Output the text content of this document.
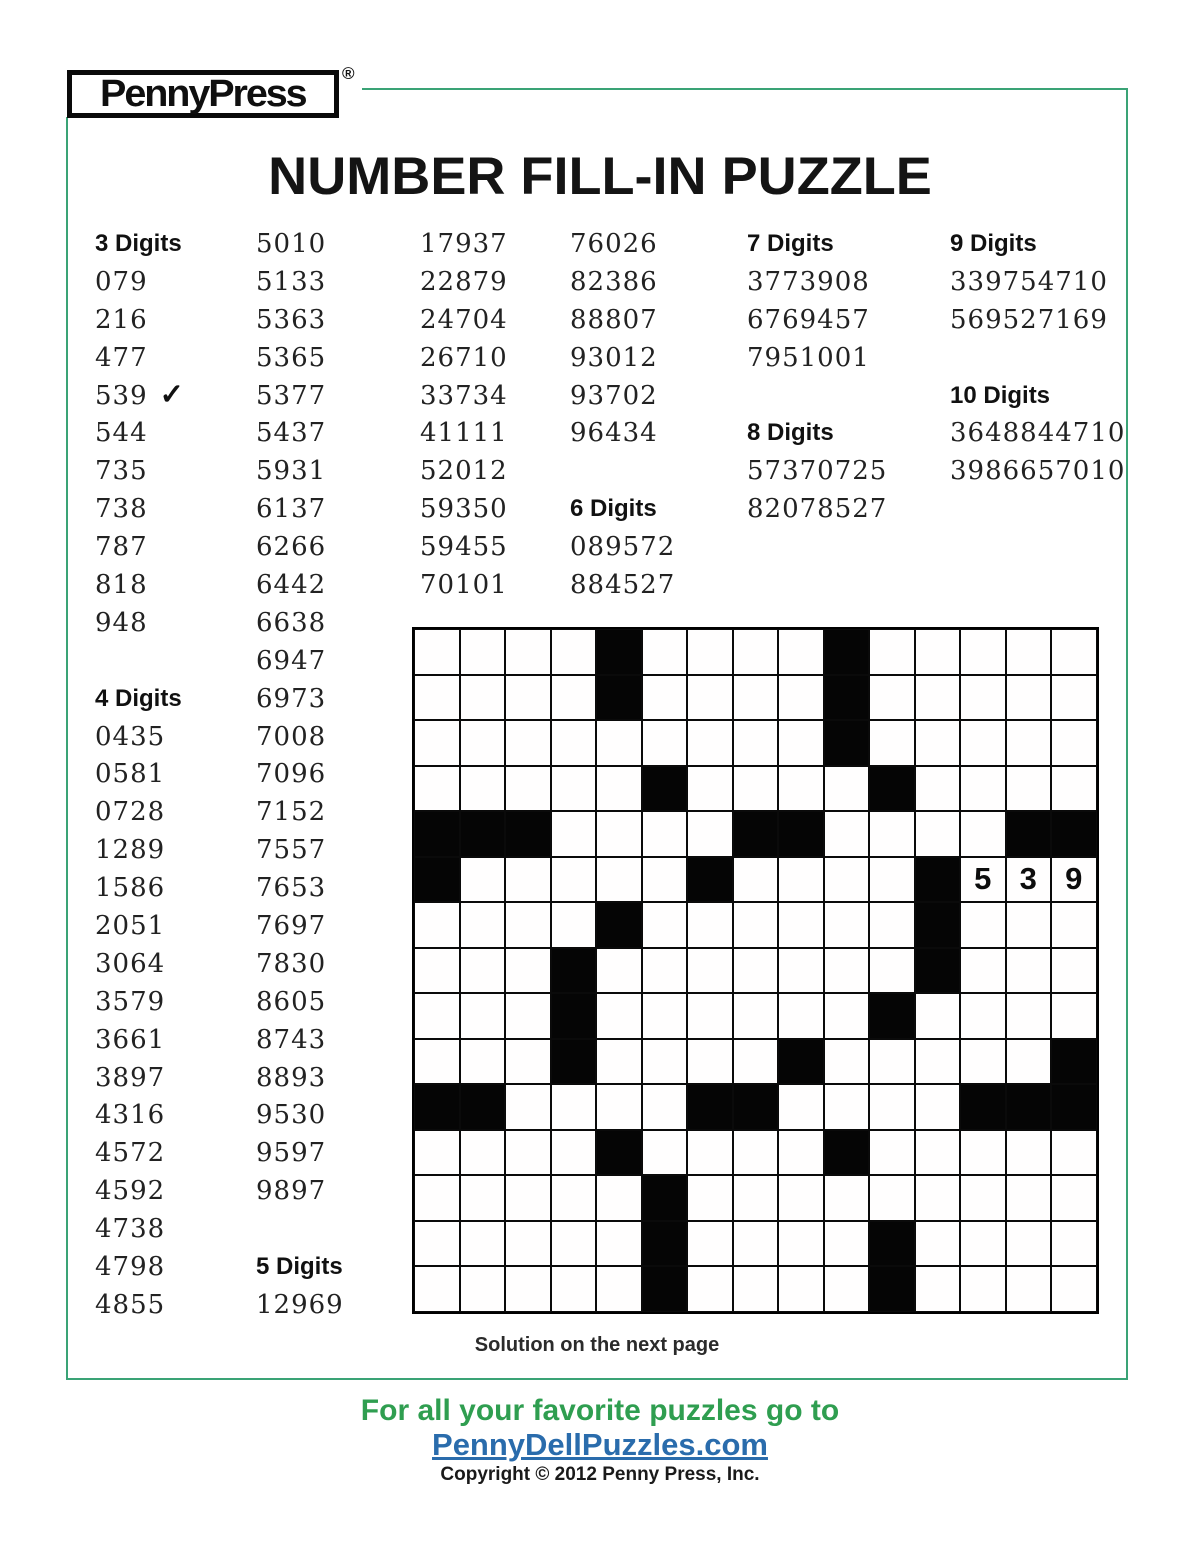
PennyPress ®
NUMBER FILL-IN PUZZLE
3 Digits
079
216
477
539 ✓
544
735
738
787
818
948
4 Digits
0435
0581
0728
1289
1586
2051
3064
3579
3661
3897
4316
4572
4592
4738
4798
4855
5010
5133
5363
5365
5377
5437
5931
6137
6266
6442
6638
6947
6973
7008
7096
7152
7557
7653
7697
7830
8605
8743
8893
9530
9597
9897
5 Digits
12969
17937
22879
24704
26710
33734
41111
52012
59350
59455
70101
76026
82386
88807
93012
93702
96434
6 Digits
089572
884527
7 Digits
3773908
6769457
7951001
8 Digits
57370725
82078527
9 Digits
339754710
569527169
10 Digits
3648844710
3986657010
5 3 9
Solution on the next page
For all your favorite puzzles go to
PennyDellPuzzles.com
Copyright © 2012 Penny Press, Inc.
